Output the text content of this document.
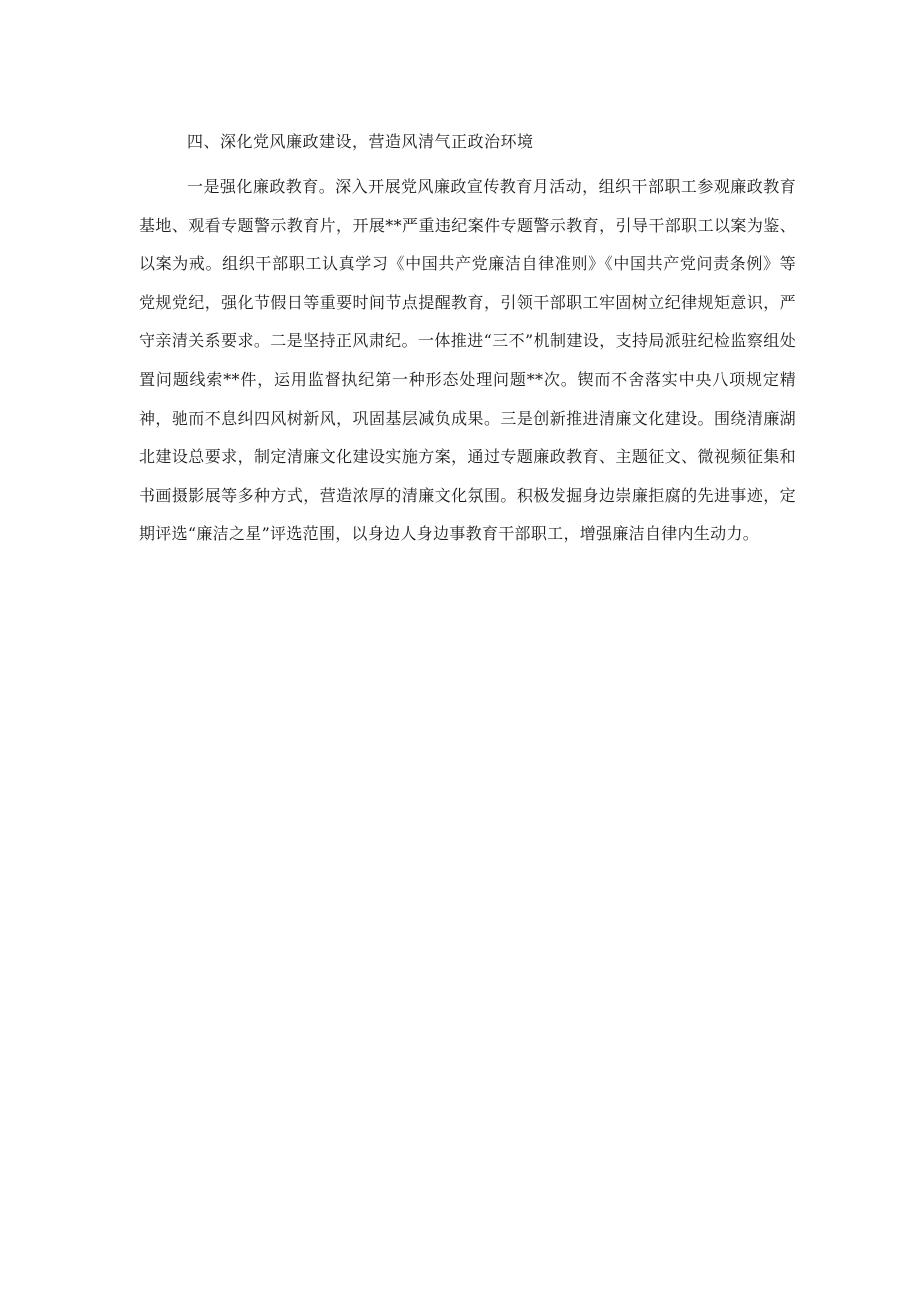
四、深化党风廉政建设，营造风清气正政治环境

一是强化廉政教育。深入开展党风廉政宣传教育月活动，组织干部职工参观廉政教育基地、观看专题警示教育片，开展**严重违纪案件专题警示教育，引导干部职工以案为鉴、以案为戒。组织干部职工认真学习《中国共产党廉洁自律准则》《中国共产党问责条例》等党规党纪，强化节假日等重要时间节点提醒教育，引领干部职工牢固树立纪律规矩意识，严守亲清关系要求。二是坚持正风肃纪。一体推进“三不”机制建设，支持局派驻纪检监察组处置问题线索**件，运用监督执纪第一种形态处理问题**次。锲而不舍落实中央八项规定精神，驰而不息纠四风树新风，巩固基层减负成果。三是创新推进清廉文化建设。围绕清廉湖北建设总要求，制定清廉文化建设实施方案，通过专题廉政教育、主题征文、微视频征集和书画摄影展等多种方式，营造浓厚的清廉文化氛围。积极发掘身边崇廉拒腐的先进事迹，定期评选“廉洁之星”评选范围，以身边人身边事教育干部职工，增强廉洁自律内生动力。
